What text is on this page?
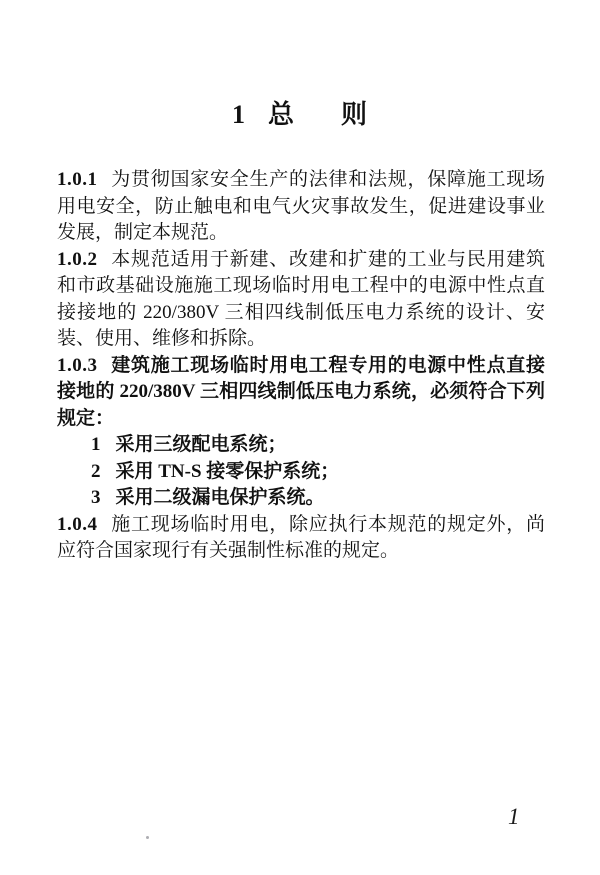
1 总 则

1.0.1 为贯彻国家安全生产的法律和法规，保障施工现场用电安全，防止触电和电气火灾事故发生，促进建设事业发展，制定本规范。

1.0.2 本规范适用于新建、改建和扩建的工业与民用建筑和市政基础设施施工现场临时用电工程中的电源中性点直接接地的 220/380V 三相四线制低压电力系统的设计、安装、使用、维修和拆除。

1.0.3 建筑施工现场临时用电工程专用的电源中性点直接接地的 220/380V 三相四线制低压电力系统，必须符合下列规定：

1 采用三级配电系统；

2 采用 TN-S 接零保护系统；

3 采用二级漏电保护系统。

1.0.4 施工现场临时用电，除应执行本规范的规定外，尚应符合国家现行有关强制性标准的规定。

1
